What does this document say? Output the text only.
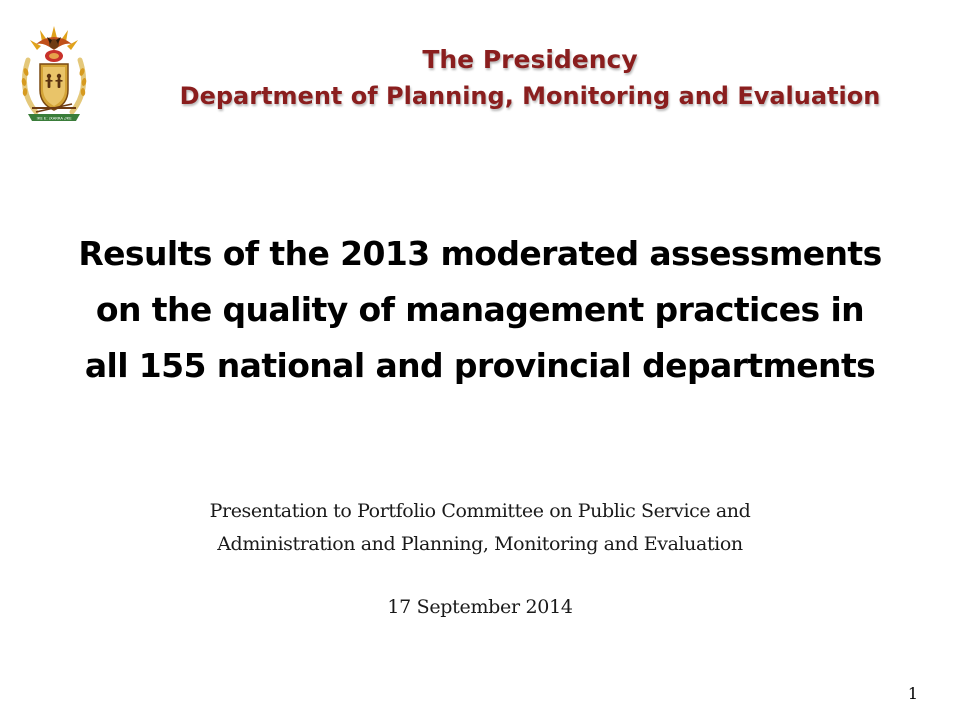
!KE E: /XARRA //KE
The Presidency
Department of Planning, Monitoring and Evaluation
Results of the 2013 moderated assessments
on the quality of management practices in
all 155 national and provincial departments
Presentation to Portfolio Committee on Public Service and
Administration and Planning, Monitoring and Evaluation
17 September 2014
1
